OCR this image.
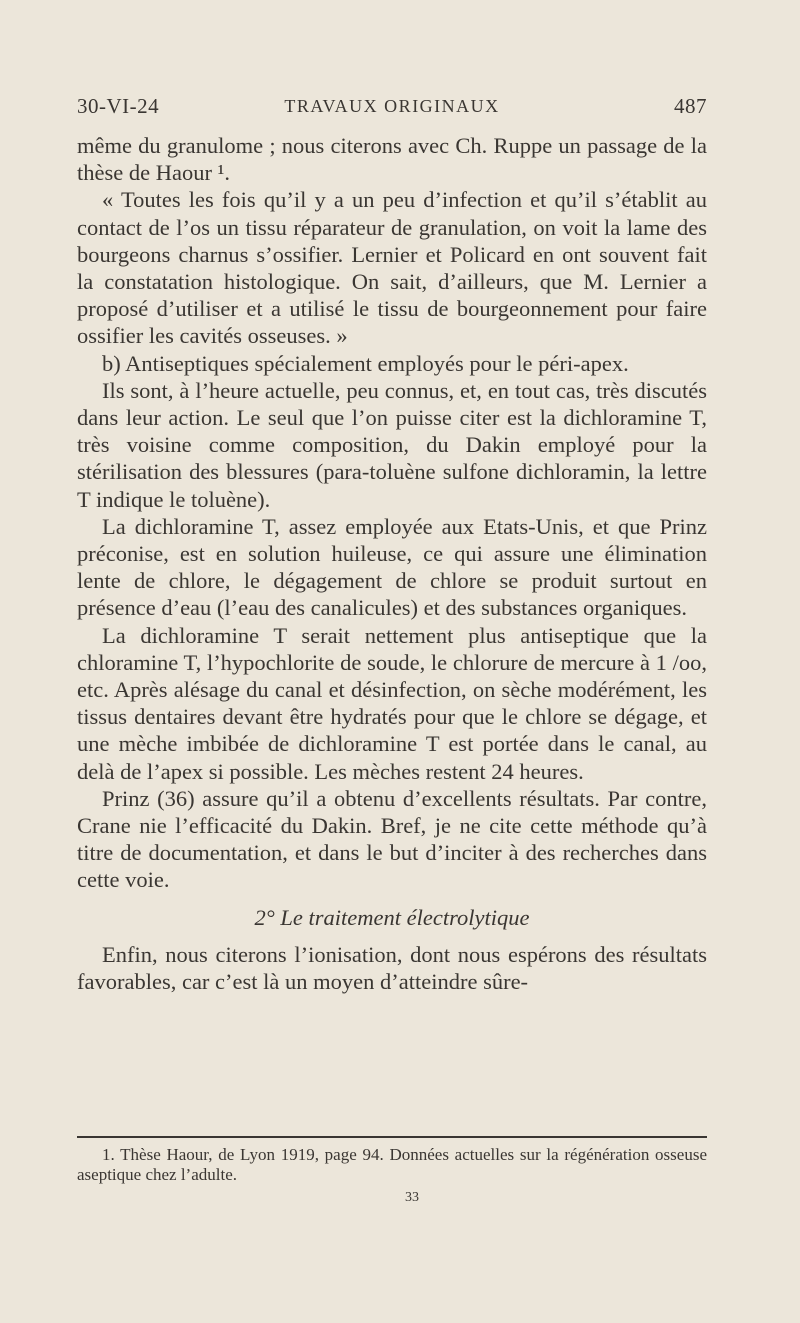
30-VI-24	TRAVAUX ORIGINAUX	487

même du granulome ; nous citerons avec Ch. Ruppe un passage de la thèse de Haour ¹.

« Toutes les fois qu’il y a un peu d’infection et qu’il s’établit au contact de l’os un tissu réparateur de granulation, on voit la lame des bourgeons charnus s’ossifier. Lernier et Policard en ont souvent fait la constatation histologique. On sait, d’ailleurs, que M. Lernier a proposé d’utiliser et a utilisé le tissu de bourgeonnement pour faire ossifier les cavités osseuses. »

b) Antiseptiques spécialement employés pour le péri-apex.

Ils sont, à l’heure actuelle, peu connus, et, en tout cas, très discutés dans leur action. Le seul que l’on puisse citer est la dichloramine T, très voisine comme composition, du Dakin employé pour la stérilisation des blessures (para-toluène sulfone dichloramin, la lettre T indique le toluène).

La dichloramine T, assez employée aux Etats-Unis, et que Prinz préconise, est en solution huileuse, ce qui assure une élimination lente de chlore, le dégagement de chlore se produit surtout en présence d’eau (l’eau des canalicules) et des substances organiques.

La dichloramine T serait nettement plus antiseptique que la chloramine T, l’hypochlorite de soude, le chlorure de mercure à 1 /oo, etc. Après alésage du canal et désinfection, on sèche modérément, les tissus dentaires devant être hydratés pour que le chlore se dégage, et une mèche imbibée de dichloramine T est portée dans le canal, au delà de l’apex si possible. Les mèches restent 24 heures.

Prinz (36) assure qu’il a obtenu d’excellents résultats. Par contre, Crane nie l’efficacité du Dakin. Bref, je ne cite cette méthode qu’à titre de documentation, et dans le but d’inciter à des recherches dans cette voie.

2° Le traitement électrolytique

Enfin, nous citerons l’ionisation, dont nous espérons des résultats favorables, car c’est là un moyen d’atteindre sûre-

1. Thèse Haour, de Lyon 1919, page 94. Données actuelles sur la régénération osseuse aseptique chez l’adulte.
33
